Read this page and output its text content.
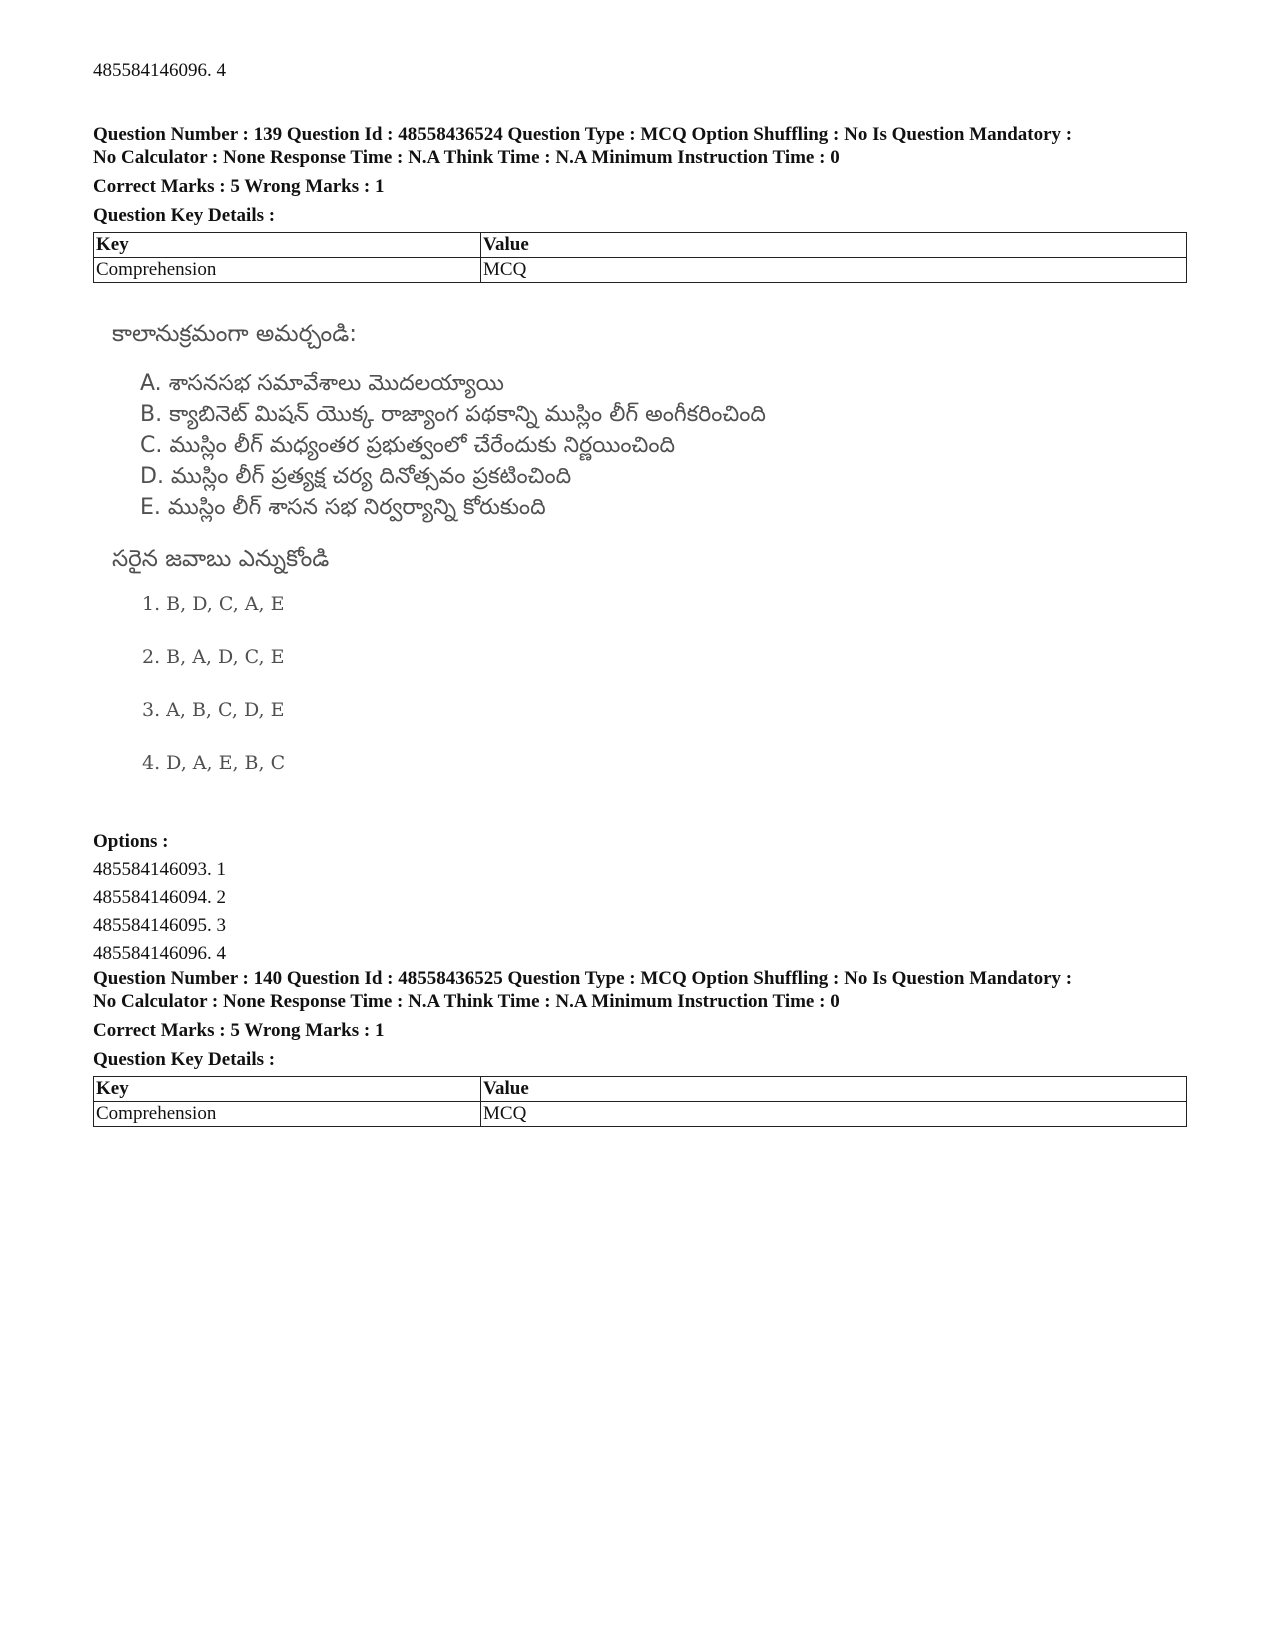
485584146096. 4
Question Number : 139 Question Id : 48558436524 Question Type : MCQ Option Shuffling : No Is Question Mandatory :
No Calculator : None Response Time : N.A Think Time : N.A Minimum Instruction Time : 0
Correct Marks : 5 Wrong Marks : 1
Question Key Details :
Key	Value
Comprehension	MCQ
కాలానుక్రమంగా అమర్చండి:
A. శాసనసభ సమావేశాలు మొదలయ్యాయి
B. క్యాబినెట్ మిషన్ యొక్క రాజ్యాంగ పథకాన్ని ముస్లిం లీగ్ అంగీకరించింది
C. ముస్లిం లీగ్ మధ్యంతర ప్రభుత్వంలో చేరేందుకు నిర్ణయించింది
D. ముస్లిం లీగ్ ప్రత్యక్ష చర్య దినోత్సవం ప్రకటించింది
E. ముస్లిం లీగ్ శాసన సభ నిర్వర్యాన్ని కోరుకుంది
సరైన జవాబు ఎన్నుకోండి
1. B, D, C, A, E
2. B, A, D, C, E
3. A, B, C, D, E
4. D, A, E, B, C
Options :
485584146093. 1
485584146094. 2
485584146095. 3
485584146096. 4
Question Number : 140 Question Id : 48558436525 Question Type : MCQ Option Shuffling : No Is Question Mandatory :
No Calculator : None Response Time : N.A Think Time : N.A Minimum Instruction Time : 0
Correct Marks : 5 Wrong Marks : 1
Question Key Details :
Key	Value
Comprehension	MCQ
